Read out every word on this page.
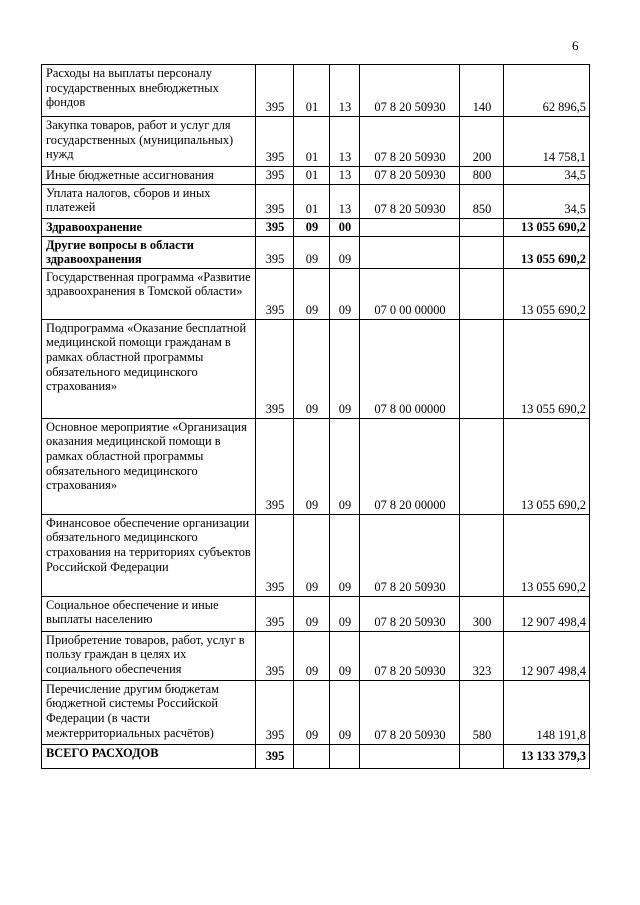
6
Расходы на выплаты персоналу государственных внебюджетных фондов	395	01	13	07 8 20 50930	140	62 896,5
Закупка товаров, работ и услуг для государственных (муниципальных) нужд	395	01	13	07 8 20 50930	200	14 758,1
Иные бюджетные ассигнования	395	01	13	07 8 20 50930	800	34,5
Уплата налогов, сборов и иных платежей	395	01	13	07 8 20 50930	850	34,5
Здравоохранение	395	09	00			13 055 690,2
Другие вопросы в области здравоохранения	395	09	09			13 055 690,2
Государственная программа «Развитие здравоохранения в Томской области»	395	09	09	07 0 00 00000		13 055 690,2
Подпрограмма «Оказание бесплатной медицинской помощи гражданам в рамках областной программы обязательного медицинского страхования»	395	09	09	07 8 00 00000		13 055 690,2
Основное мероприятие «Организация оказания медицинской помощи в рамках областной программы обязательного медицинского страхования»	395	09	09	07 8 20 00000		13 055 690,2
Финансовое обеспечение организации обязательного медицинского страхования на территориях субъектов Российской Федерации	395	09	09	07 8 20 50930		13 055 690,2
Социальное обеспечение и иные выплаты населению	395	09	09	07 8 20 50930	300	12 907 498,4
Приобретение товаров, работ, услуг в пользу граждан в целях их социального обеспечения	395	09	09	07 8 20 50930	323	12 907 498,4
Перечисление другим бюджетам бюджетной системы Российской Федерации (в части межтерриториальных расчётов)	395	09	09	07 8 20 50930	580	148 191,8
ВСЕГО РАСХОДОВ	395					13 133 379,3
